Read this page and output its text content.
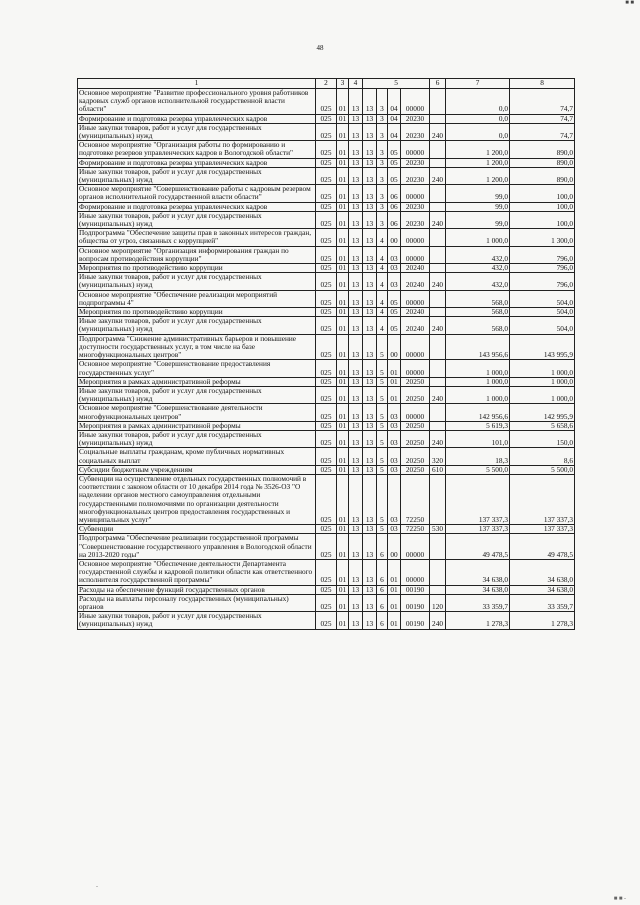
■ ■
48
1	2	3	4	5				6	7	8
Основное мероприятие "Развитие профессионального уровня работников кадровых служб органов исполнительной государственной власти области"	025	01	13	13	3	04	00000		0,0	74,7
Формирование и подготовка резерва управленческих кадров	025	01	13	13	3	04	20230		0,0	74,7
Иные закупки товаров, работ и услуг для государственных (муниципальных) нужд	025	01	13	13	3	04	20230	240	0,0	74,7
Основное мероприятие "Организация работы по формированию и подготовке резервов управленческих кадров в Вологодской области"	025	01	13	13	3	05	00000		1 200,0	890,0
Формирование и подготовка резерва управленческих кадров	025	01	13	13	3	05	20230		1 200,0	890,0
Иные закупки товаров, работ и услуг для государственных (муниципальных) нужд	025	01	13	13	3	05	20230	240	1 200,0	890,0
Основное мероприятие "Совершенствование работы с кадровым резервом органов исполнительной государственной власти области"	025	01	13	13	3	06	00000		99,0	100,0
Формирование и подготовка резерва управленческих кадров	025	01	13	13	3	06	20230		99,0	100,0
Иные закупки товаров, работ и услуг для государственных (муниципальных) нужд	025	01	13	13	3	06	20230	240	99,0	100,0
Подпрограмма "Обеспечение защиты прав в законных интересов граждан, общества от угроз, связанных с коррупцией"	025	01	13	13	4	00	00000		1 000,0	1 300,0
Основное мероприятие "Организация информирования граждан по вопросам противодействия коррупции"	025	01	13	13	4	03	00000		432,0	796,0
Мероприятия по противодействию коррупции	025	01	13	13	4	03	20240		432,0	796,0
Иные закупки товаров, работ и услуг для государственных (муниципальных) нужд	025	01	13	13	4	03	20240	240	432,0	796,0
Основное мероприятие "Обеспечение реализации мероприятий подпрограммы 4"	025	01	13	13	4	05	00000		568,0	504,0
Мероприятия по противодействию коррупции	025	01	13	13	4	05	20240		568,0	504,0
Иные закупки товаров, работ и услуг для государственных (муниципальных) нужд	025	01	13	13	4	05	20240	240	568,0	504,0
Подпрограмма "Снижение административных барьеров и повышение доступности государственных услуг, в том числе на базе многофункциональных центров"	025	01	13	13	5	00	00000		143 956,6	143 995,9
Основное мероприятие "Совершенствование предоставления государственных услуг"	025	01	13	13	5	01	00000		1 000,0	1 000,0
Мероприятия в рамках административной реформы	025	01	13	13	5	01	20250		1 000,0	1 000,0
Иные закупки товаров, работ и услуг для государственных (муниципальных) нужд	025	01	13	13	5	01	20250	240	1 000,0	1 000,0
Основное мероприятие "Совершенствование деятельности многофункциональных центров"	025	01	13	13	5	03	00000		142 956,6	142 995,9
Мероприятия в рамках административной реформы	025	01	13	13	5	03	20250		5 619,3	5 658,6
Иные закупки товаров, работ и услуг для государственных (муниципальных) нужд	025	01	13	13	5	03	20250	240	101,0	150,0
Социальные выплаты гражданам, кроме публичных нормативных социальных выплат	025	01	13	13	5	03	20250	320	18,3	8,6
Субсидии бюджетным учреждениям	025	01	13	13	5	03	20250	610	5 500,0	5 500,0
Субвенции на осуществление отдельных государственных полномочий в соответствии с законом области от 10 декабря 2014 года № 3526-ОЗ "О наделении органов местного самоуправления отдельными государственными полномочиями по организации деятельности многофункциональных центров предоставления государственных и муниципальных услуг"	025	01	13	13	5	03	72250		137 337,3	137 337,3
Субвенции	025	01	13	13	5	03	72250	530	137 337,3	137 337,3
Подпрограмма "Обеспечение реализации государственной программы "Совершенствование государственного управления в Вологодской области на 2013-2020 годы"	025	01	13	13	6	00	00000		49 478,5	49 478,5
Основное мероприятие "Обеспечение деятельности Департамента государственной службы и кадровой политики области как ответственного исполнителя государственной программы"	025	01	13	13	6	01	00000		34 638,0	34 638,0
Расходы на обеспечение функций государственных органов	025	01	13	13	6	01	00190		34 638,0	34 638,0
Расходы на выплаты персоналу государственных (муниципальных) органов	025	01	13	13	6	01	00190	120	33 359,7	33 359,7
Иные закупки товаров, работ и услуг для государственных (муниципальных) нужд	025	01	13	13	6	01	00190	240	1 278,3	1 278,3
-
■ ■ -
